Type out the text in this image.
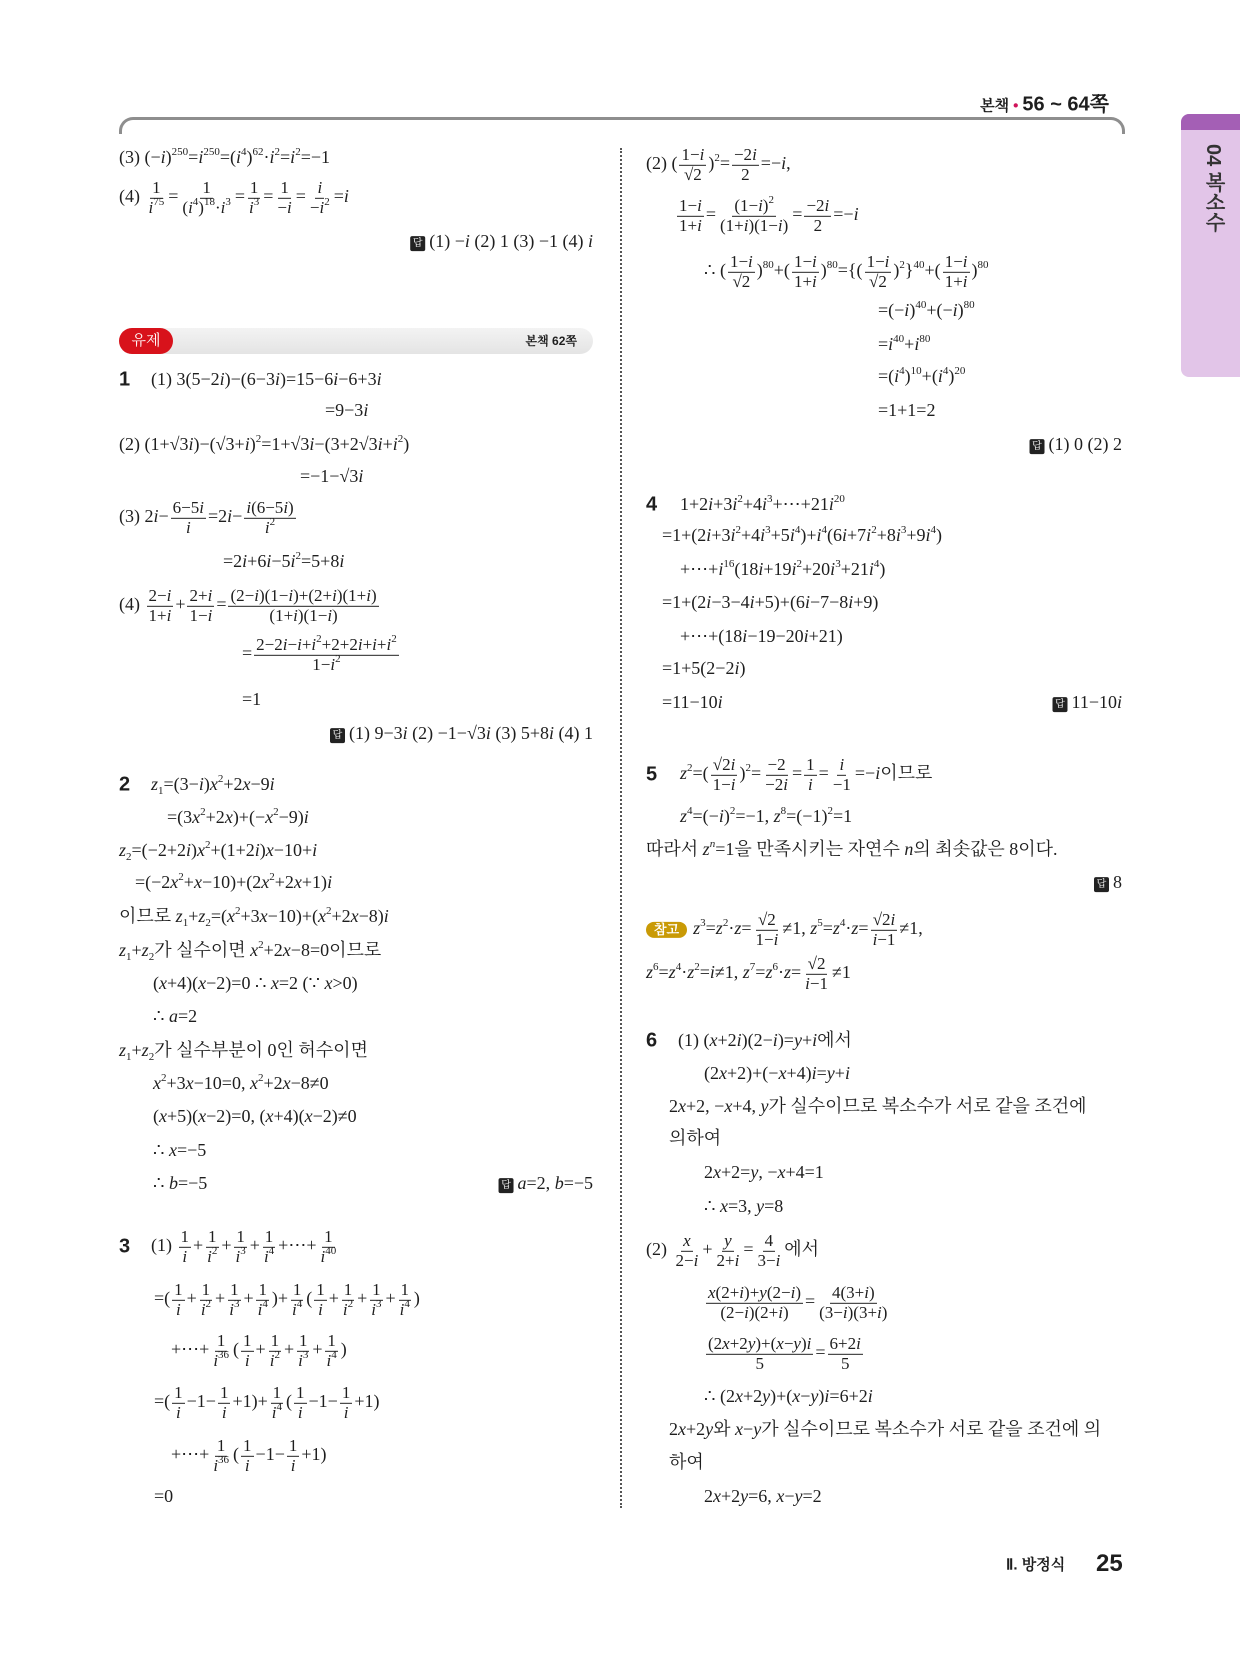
본책 • 56 ~ 64쪽
04 복소수
(3) $(-i)^{250}=i^{250}=(i^4)^{62}\cdot i^2=i^2=-1$
$(4) \frac{1}{i^{75}} = \frac{1}{(i^4)^{18}\cdot i^3} = \frac{1}{i^3} = \frac{1}{-i} = \frac{i}{-i^2} =i$
답 (1) −i (2) 1 (3) −1 (4) i
유제	본책 62쪽
1 (1) 3(5−2i)−(6−3i)=15−6i−6+3i
=9−3i
(2) $(1+√3i)-(√3+i)^2=1+√3i-(3+2√3i+i^2)$
=−1−√3i
(3) $2i- \frac{6-5i}{i} =2i- \frac{i(6-5i)}{i^2}$
$=2i+6i-5i^2=5+8i$
$(4) \frac{2-i}{1+i} + \frac{2+i}{1-i} = \frac{(2-i)(1-i)+(2+i)(1+i)}{(1+i)(1-i)}$
= $\frac{2-2i-i+i^2+2+2i+i+i^2}{1-i^2}$
=1
답 (1) 9−3i (2) −1−√3i (3) 5+8i (4) 1
2 $z_1=(3-i)x^2+2x-9i$
$=(3x^2+2x)+(-x^2-9)i$
$z_2=(-2+2i)x^2+(1+2i)x-10+i$
$=(-2x^2+x-10)+(2x^2+2x+1)i$
이므로 $z_1+z_2=(x^2+3x-10)+(x^2+2x-8)i$
$z_1+z_2$가 실수이면 $x^2+2x-8=0$이므로
(x+4)(x−2)=0 ∴ x=2 (∵ x>0)
∴ a=2
$z_1+z_2$가 실수부분이 0인 허수이면
$x^2+3x-10=0$, $x^2+2x-8\ne 0$
(x+5)(x−2)=0, (x+4)(x−2)≠0
∴ x=−5
∴ b=−5	답 a=2, b=−5
3 $(1) \frac{1}{i} + \frac{1}{i^2} + \frac{1}{i^3} + \frac{1}{i^4}$ +⋯+ $\frac{1}{i^{40}}$
=( $\frac{1}{i} + \frac{1}{i^2} + \frac{1}{i^3} + \frac{1}{i^4}$ )+ $\frac{1}{i^4}$ ( $\frac{1}{i} + \frac{1}{i^2} + \frac{1}{i^3} + \frac{1}{i^4}$ )
+⋯+ $\frac{1}{i^{36}}$ ( $\frac{1}{i} + \frac{1}{i^2} + \frac{1}{i^3} + \frac{1}{i^4}$ )
=( $\frac{1}{i} -1- \frac{1}{i} +1)+ \frac{1}{i^4}$ ( $\frac{1}{i} -1- \frac{1}{i} +1$)
+⋯+ $\frac{1}{i^{36}}$ ( $\frac{1}{i} -1- \frac{1}{i} +1$)
=0
(2) ( $\frac{1-i}{√2} )^2= \frac{-2i}{2} =-i$,
$\frac{1-i}{1+i} = \frac{(1-i)^2}{(1+i)(1-i)} = \frac{-2i}{2} =-i$
∴ ( $\frac{1-i}{√2} )^{80}+( \frac{1-i}{1+i} )^{80}=\{( \frac{1-i}{√2} )^2\}^{40}+( \frac{1-i}{1+i} )^{80}$
$=(-i)^{40}+(-i)^{80}$
$=i^{40}+i^{80}$
$=(i^4)^{10}+(i^4)^{20}$
=1+1=2
답 (1) 0 (2) 2
4 $1+2i+3i^2+4i^3+\cdots+21i^{20}$
$=1+(2i+3i^2+4i^3+5i^4)+i^4(6i+7i^2+8i^3+9i^4)$
$+\cdots+i^{16}(18i+19i^2+20i^3+21i^4)$
=1+(2i−3−4i+5)+(6i−7−8i+9)
+⋯+(18i−19−20i+21)
=1+5(2−2i)
=11−10i	답 11−10i
5 $z^2=( \frac{√2i}{1-i} )^2= \frac{-2}{-2i} = \frac{1}{i} = \frac{i}{-1} =-i$이므로
$z^4=(-i)^2=-1$, $z^8=(-1)^2=1$
따라서 $z^n=1$을 만족시키는 자연수 n의 최솟값은 8이다.
답 8
참고 $z^3=z^2\cdot z= \frac{√2}{1-i} \ne 1$, $z^5=z^4\cdot z= \frac{√2i}{i-1} \ne 1$,
$z^6=z^4\cdot z^2=i\ne 1$, $z^7=z^6\cdot z= \frac{√2}{i-1} \ne 1$
6 (1) (x+2i)(2−i)=y+i에서
(2x+2)+(−x+4)i=y+i
2x+2, −x+4, y가 실수이므로 복소수가 서로 같을 조건에
의하여
2x+2=y, −x+4=1
∴ x=3, y=8
$(2) \frac{x}{2-i} + \frac{y}{2+i} = \frac{4}{3-i}$ 에서
$\frac{x(2+i)+y(2-i)}{(2-i)(2+i)} = \frac{4(3+i)}{(3-i)(3+i)}$
$\frac{(2x+2y)+(x-y)i}{5} = \frac{6+2i}{5}$
∴ (2x+2y)+(x−y)i=6+2i
2x+2y와 x−y가 실수이므로 복소수가 서로 같을 조건에 의
하여
2x+2y=6, x−y=2
Ⅱ. 방정식 25
